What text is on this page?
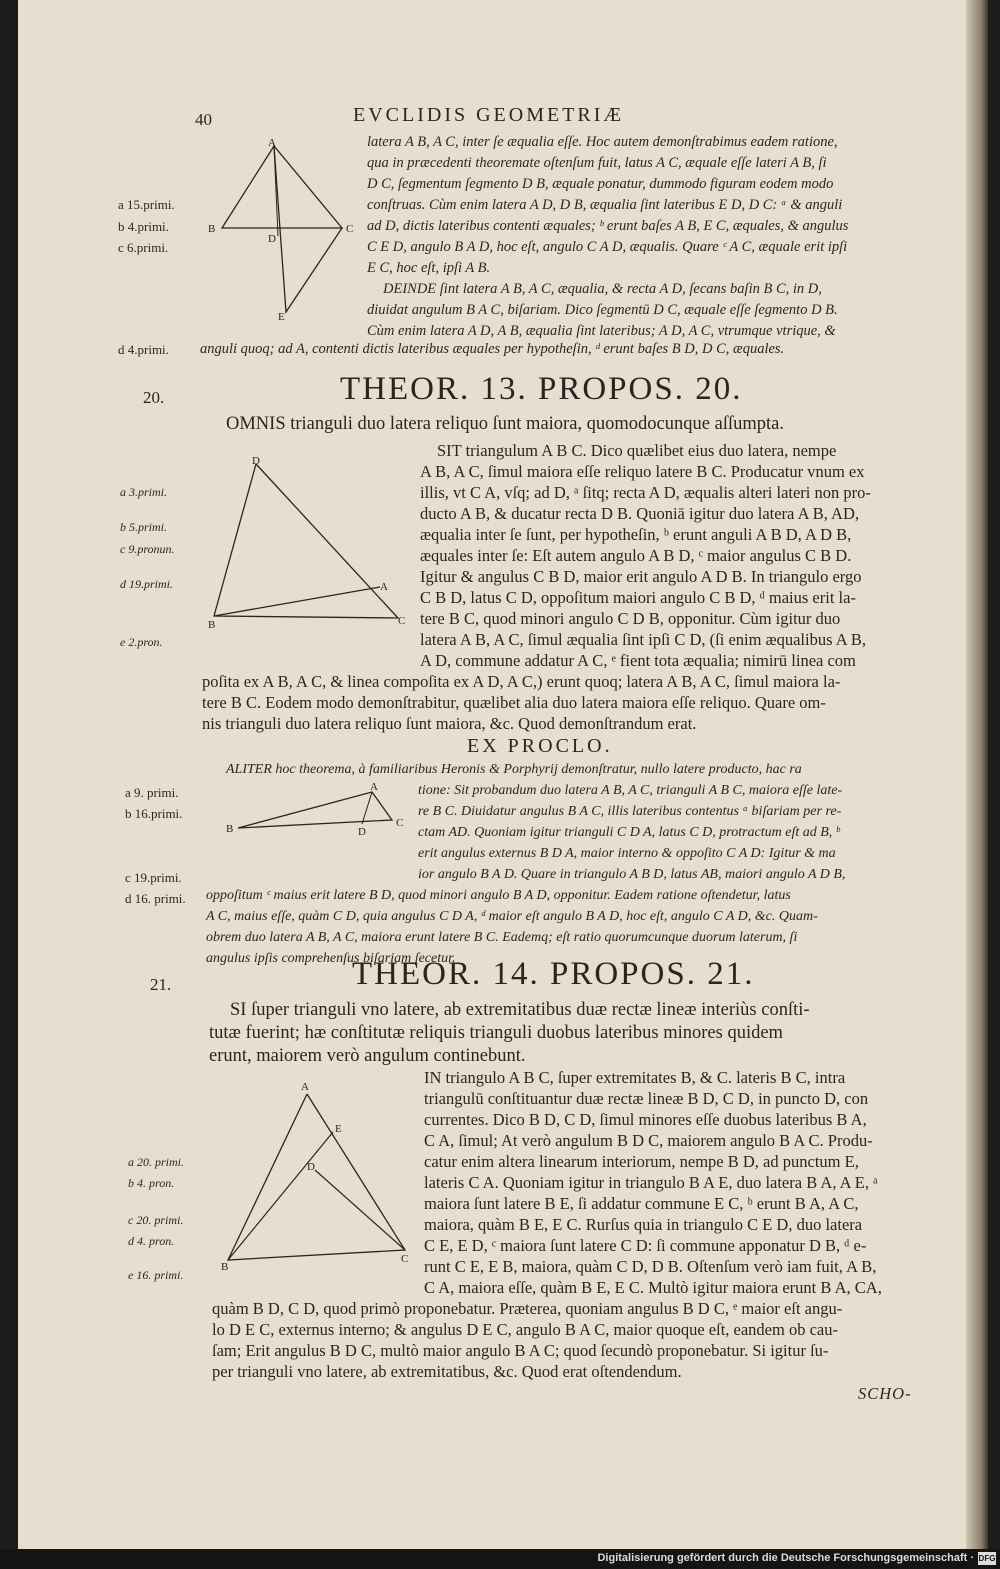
40	EVCLIDIS GEOMETRIÆ
A
B
D
C
E
a 15.primi.
b 4.primi.
c 6.primi.
d 4.primi.
latera A B, A C, inter ſe æqualia eſſe. Hoc autem demonſtrabimus eadem ratione,
qua in præcedenti theoremate oſtenſum fuit, latus A C, æquale eſſe lateri A B, ſi
D C, ſegmentum ſegmento D B, æquale ponatur, dummodo figuram eodem modo
conſtruas. Cùm enim latera A D, D B, æqualia ſint lateribus E D, D C: ᵃ & anguli
ad D, dictis lateribus contenti æquales; ᵇ erunt baſes A B, E C, æquales, & angulus
C E D, angulo B A D, hoc eſt, angulo C A D, æqualis. Quare ᶜ A C, æquale erit ipſi
E C, hoc eſt, ipſi A B.
DEINDE ſint latera A B, A C, æqualia, & recta A D, ſecans baſin B C, in D,
diuidat angulum B A C, biſariam. Dico ſegmentū D C, æquale eſſe ſegmento D B.
Cùm enim latera A D, A B, æqualia ſint lateribus; A D, A C, vtrumque vtrique, &
anguli quoq; ad A, contenti dictis lateribus æquales per hypotheſin, ᵈ erunt baſes B D, D C, æquales.
20.	THEOR. 13. PROPOS. 20.
OMNIS trianguli duo latera reliquo ſunt maiora, quomodocunque aſſumpta.
D
A
B	C
a 3.primi.
b 5.primi.
c 9.pronun.
d 19.primi.
e 2.pron.
SIT triangulum A B C. Dico quælibet eius duo latera, nempe
A B, A C, ſimul maiora eſſe reliquo latere B C. Producatur vnum ex
illis, vt C A, vſq; ad D, ᵃ ſitq; recta A D, æqualis alteri lateri non pro-
ducto A B, & ducatur recta D B. Quoniā igitur duo latera A B, AD,
æqualia inter ſe ſunt, per hypotheſin, ᵇ erunt anguli A B D, A D B,
æquales inter ſe: Eſt autem angulo A B D, ᶜ maior angulus C B D.
Igitur & angulus C B D, maior erit angulo A D B. In triangulo ergo
C B D, latus C D, oppoſitum maiori angulo C B D, ᵈ maius erit la-
tere B C, quod minori angulo C D B, opponitur. Cùm igitur duo
latera A B, A C, ſimul æqualia ſint ipſi C D, (ſi enim æqualibus A B,
A D, commune addatur A C, ᵉ fient tota æqualia; nimirū linea com
poſita ex A B, A C, & linea compoſita ex A D, A C,) erunt quoq; latera A B, A C, ſimul maiora la-
tere B C. Eodem modo demonſtrabitur, quælibet alia duo latera maiora eſſe reliquo. Quare om-
nis trianguli duo latera reliquo ſunt maiora, &c. Quod demonſtrandum erat.
EX PROCLO.
A
B	D
C
a 9. primi.
b 16.primi.
c 19.primi.
d 16. primi.
ALITER hoc theorema, à familiaribus Heronis & Porphyrij demonſtratur, nullo latere producto, hac ra
tione: Sit probandum duo latera A B, A C, trianguli A B C, maiora eſſe late-
re B C. Diuidatur angulus B A C, illis lateribus contentus ᵃ biſariam per re-
ctam AD. Quoniam igitur trianguli C D A, latus C D, protractum eſt ad B, ᵇ
erit angulus externus B D A, maior interno & oppoſito C A D: Igitur & ma
ior angulo B A D. Quare in triangulo A B D, latus AB, maiori angulo A D B,
oppoſitum ᶜ maius erit latere B D, quod minori angulo B A D, opponitur. Eadem ratione oſtendetur, latus
A C, maius eſſe, quàm C D, quia angulus C D A, ᵈ maior eſt angulo B A D, hoc eſt, angulo C A D, &c. Quam-
obrem duo latera A B, A C, maiora erunt latere B C. Eademq; eſt ratio quorumcunque duorum laterum, ſi
angulus ipſis comprehenſus biſariam ſecetur.
21.	THEOR. 14. PROPOS. 21.
SI ſuper trianguli vno latere, ab extremitatibus duæ rectæ lineæ interiùs conſti-
tutæ fuerint; hæ conſtitutæ reliquis trianguli duobus lateribus minores quidem
erunt, maiorem verò angulum continebunt.
A
E
D
B
C
a 20. primi.
b 4. pron.
c 20. primi.
d 4. pron.
e 16. primi.
IN triangulo A B C, ſuper extremitates B, & C. lateris B C, intra
triangulū conſtituantur duæ rectæ lineæ B D, C D, in puncto D, con
currentes. Dico B D, C D, ſimul minores eſſe duobus lateribus B A,
C A, ſimul; At verò angulum B D C, maiorem angulo B A C. Produ-
catur enim altera linearum interiorum, nempe B D, ad punctum E,
lateris C A. Quoniam igitur in triangulo B A E, duo latera B A, A E, ᵃ
maiora ſunt latere B E, ſi addatur commune E C, ᵇ erunt B A, A C,
maiora, quàm B E, E C. Rurſus quia in triangulo C E D, duo latera
C E, E D, ᶜ maiora ſunt latere C D: ſi commune apponatur D B, ᵈ e-
runt C E, E B, maiora, quàm C D, D B. Oſtenſum verò iam fuit, A B,
C A, maiora eſſe, quàm B E, E C. Multò igitur maiora erunt B A, CA,
quàm B D, C D, quod primò proponebatur. Præterea, quoniam angulus B D C, ᵉ maior eſt angu-
lo D E C, externus interno; & angulus D E C, angulo B A C, maior quoque eſt, eandem ob cau-
ſam; Erit angulus B D C, multò maior angulo B A C; quod ſecundò proponebatur. Si igitur ſu-
per trianguli vno latere, ab extremitatibus, &c. Quod erat oſtendendum.
SCHO-
Digitalisierung gefördert durch die Deutsche Forschungsgemeinschaft · DFG
